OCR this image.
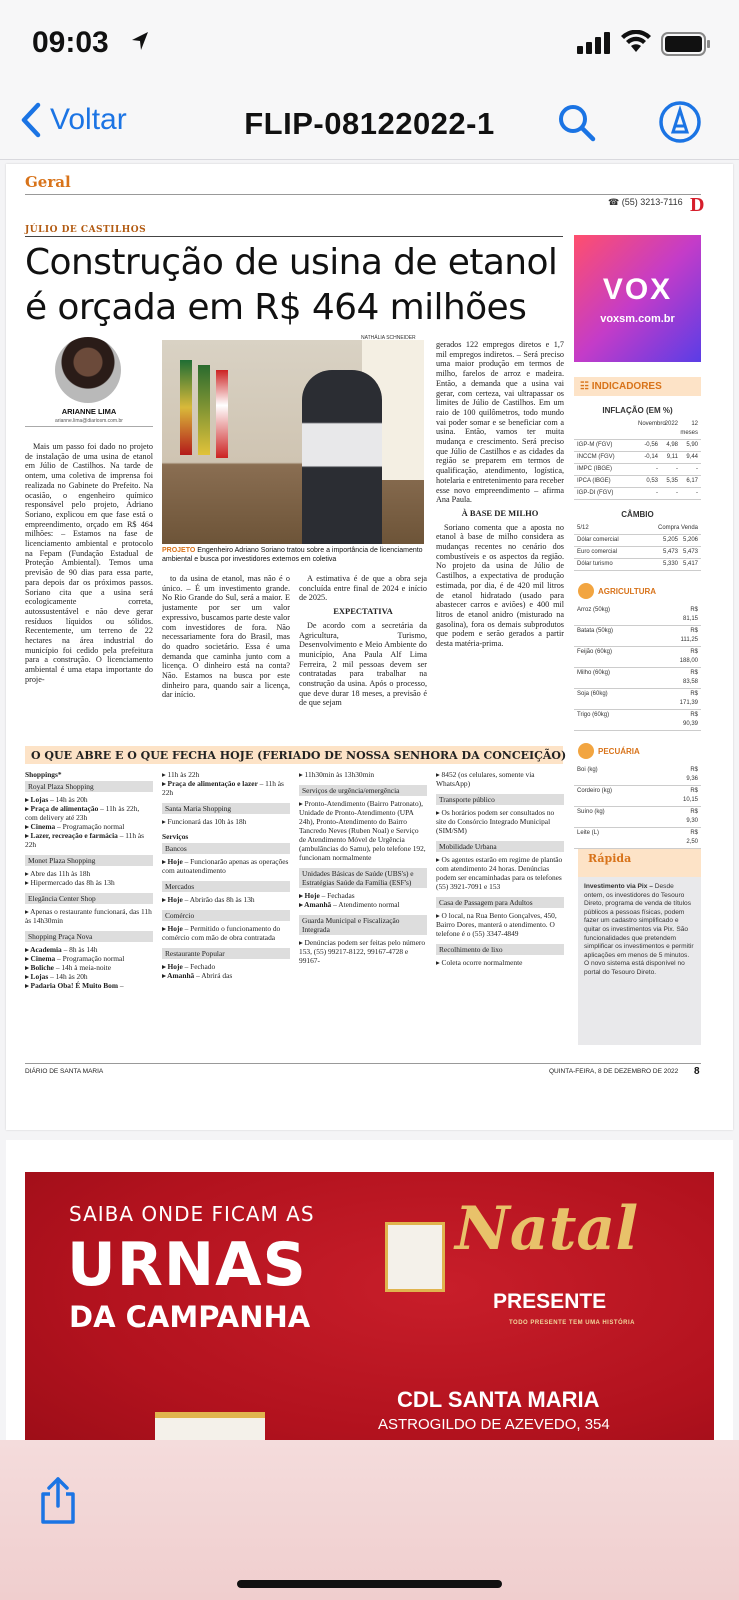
09:03
Voltar	FLIP-08122022-1
Geral
☎ (55) 3213-7116 D
JÚLIO DE CASTILHOS
Construção de usina de etanol é orçada em R$ 464 milhões
ARIANNE LIMA
arianne.lima@diariosm.com.br
NATHÁLIA SCHNEIDER
PROJETO Engenheiro Adriano Soriano tratou sobre a importância de licenciamento ambiental e busca por investidores externos em coletiva

Mais um passo foi dado no projeto de instalação de uma usina de etanol em Júlio de Castilhos. Na tarde de ontem, uma coletiva de imprensa foi realizada no Gabinete do Prefeito. Na ocasião, o engenheiro químico responsável pelo projeto, Adriano Soriano, explicou em que fase está o empreendimento, orçado em R$ 464 milhões: – Estamos na fase de licenciamento ambiental e protocolo na Fepam (Fundação Estadual de Proteção Ambiental). Temos uma previsão de 90 dias para essa parte, para depois dar os próximos passos. Soriano cita que a usina será ecologicamente correta, autossustentável e não deve gerar resíduos líquidos ou sólidos. Recentemente, um terreno de 22 hectares na área industrial do município foi cedido pela prefeitura para a construção. O licenciamento ambiental é uma etapa importante do proje-

to da usina de etanol, mas não é o único. – É um investimento grande. No Rio Grande do Sul, será a maior. E justamente por ser um valor expressivo, buscamos parte deste valor com investidores de fora. Não necessariamente fora do Brasil, mas do quadro societário. Essa é uma demanda que caminha junto com a licença. O dinheiro está na conta? Não. Estamos na busca por este dinheiro para, quando sair a licença, dar início.

A estimativa é de que a obra seja concluída entre final de 2024 e início de 2025.

EXPECTATIVA

De acordo com a secretária da Agricultura, Turismo, Desenvolvimento e Meio Ambiente do município, Ana Paula Alf Lima Ferreira, 2 mil pessoas devem ser contratadas para trabalhar na construção da usina. Após o processo, que deve durar 18 meses, a previsão é de que sejam

gerados 122 empregos diretos e 1,7 mil empregos indiretos. – Será preciso uma maior produção em termos de milho, farelos de arroz e madeira. Então, a demanda que a usina vai gerar, com certeza, vai ultrapassar os limites de Júlio de Castilhos. Em um raio de 100 quilômetros, todo mundo vai poder somar e se beneficiar com a usina. Então, vamos ter muita mudança e crescimento. Será preciso que Júlio de Castilhos e as cidades da região se preparem em termos de qualificação, atendimento, logística, hotelaria e entretenimento para receber esse novo empreendimento – afirma Ana Paula.

À BASE DE MILHO

Soriano comenta que a aposta no etanol à base de milho considera as mudanças recentes no cenário dos combustíveis e os aspectos da região. No projeto da usina de Júlio de Castilhos, a expectativa de produção estimada, por dia, é de 420 mil litros de etanol hidratado (usado para abastecer carros e aviões) e 400 mil litros de etanol anidro (misturado na gasolina), fora os demais subprodutos que podem e serão gerados a partir desta matéria-prima.

VOX
voxsm.com.br
☷ INDICADORES
INFLAÇÃO (EM %)
Novembro
2022	12 meses
IGP-M (FGV)	-0,56	4,98	5,90
INCCM (FGV)	-0,14	9,11	9,44
IMPC (IBGE)	-	-	-
IPCA (IBGE)	0,53	5,35	6,17
IGP-DI (FGV)	-	-	-
CÂMBIO
5/12	Compra Venda
Dólar comercial	5,205 5,206
Euro comercial	5,473 5,473
Dólar turismo	5,330 5,417
AGRICULTURA
Arroz (50kg)	R$ 81,15
Batata (50kg)	R$ 111,25
Feijão (60kg)	R$ 188,00
Milho (60kg)	R$ 83,58
Soja (60kg)	R$ 171,39
Trigo (60kg)	R$ 90,39
PECUÁRIA
Boi (kg)	R$ 9,36
Cordeiro (kg)	R$ 10,15
Suíno (kg)	R$ 9,30
Leite (L)	R$ 2,50
O QUE ABRE E O QUE FECHA HOJE (FERIADO DE NOSSA SENHORA DA CONCEIÇÃO)
Shoppings*
Royal Plaza Shopping
▸ Lojas – 14h às 20h
▸ Praça de alimentação – 11h às 22h, com delivery até 23h
▸ Cinema – Programação normal
▸ Lazer, recreação e farmácia – 11h às 22h
Monet Plaza Shopping
▸ Abre das 11h às 18h
▸ Hipermercado das 8h às 13h
Elegância Center Shop
▸ Apenas o restaurante funcionará, das 11h às 14h30min
Shopping Praça Nova
▸ Academia – 8h às 14h
▸ Cinema – Programação normal
▸ Boliche – 14h à meia-noite
▸ Lojas – 14h às 20h
▸ Padaria Oba! É Muito Bom –
▸ 11h às 22h
▸ Praça de alimentação e lazer – 11h às 22h
Santa Maria Shopping
▸ Funcionará das 10h às 18h
Serviços
Bancos
▸ Hoje – Funcionarão apenas as operações com autoatendimento
Mercados
▸ Hoje – Abrirão das 8h às 13h
Comércio
▸ Hoje – Permitido o funcionamento do comércio com mão de obra contratada
Restaurante Popular
▸ Hoje – Fechado
▸ Amanhã – Abrirá das
▸ 11h30min às 13h30min
Serviços de urgência/emergência
▸ Pronto-Atendimento (Bairro Patronato), Unidade de Pronto-Atendimento (UPA 24h), Pronto-Atendimento do Bairro Tancredo Neves (Ruben Noal) e Serviço de Atendimento Móvel de Urgência (ambulâncias do Samu), pelo telefone 192, funcionam normalmente
Unidades Básicas de Saúde (UBS's) e Estratégias Saúde da Família (ESF's)
▸ Hoje – Fechadas
▸ Amanhã – Atendimento normal
Guarda Municipal e Fiscalização Integrada
▸ Denúncias podem ser feitas pelo número 153, (55) 99217-8122, 99167-4728 e 99167-
▸ 8452 (os celulares, somente via WhatsApp)
Transporte público
▸ Os horários podem ser consultados no site do Consórcio Integrado Municipal (SIM/SM)
Mobilidade Urbana
▸ Os agentes estarão em regime de plantão com atendimento 24 horas. Denúncias podem ser encaminhadas para os telefones (55) 3921-7091 e 153
Casa de Passagem para Adultos
▸ O local, na Rua Bento Gonçalves, 450, Bairro Dores, manterá o atendimento. O telefone é o (55) 3347-4849
Recolhimento de lixo
▸ Coleta ocorre normalmente
Rápida
Investimento via Pix – Desde ontem, os investidores do Tesouro Direto, programa de venda de títulos públicos a pessoas físicas, podem fazer um cadastro simplificado e quitar os investimentos via Pix. São funcionalidades que pretendem simplificar os investimentos e permitir aplicações em menos de 5 minutos. O novo sistema está disponível no portal do Tesouro Direto.
DIÁRIO DE SANTA MARIA	QUINTA-FEIRA, 8 DE DEZEMBRO DE 2022 8
SAIBA ONDE FICAM AS
URNAS
DA CAMPANHA
Natal
PRESENTE
TODO PRESENTE TEM UMA HISTÓRIA
CDL SANTA MARIA
ASTROGILDO DE AZEVEDO, 354
